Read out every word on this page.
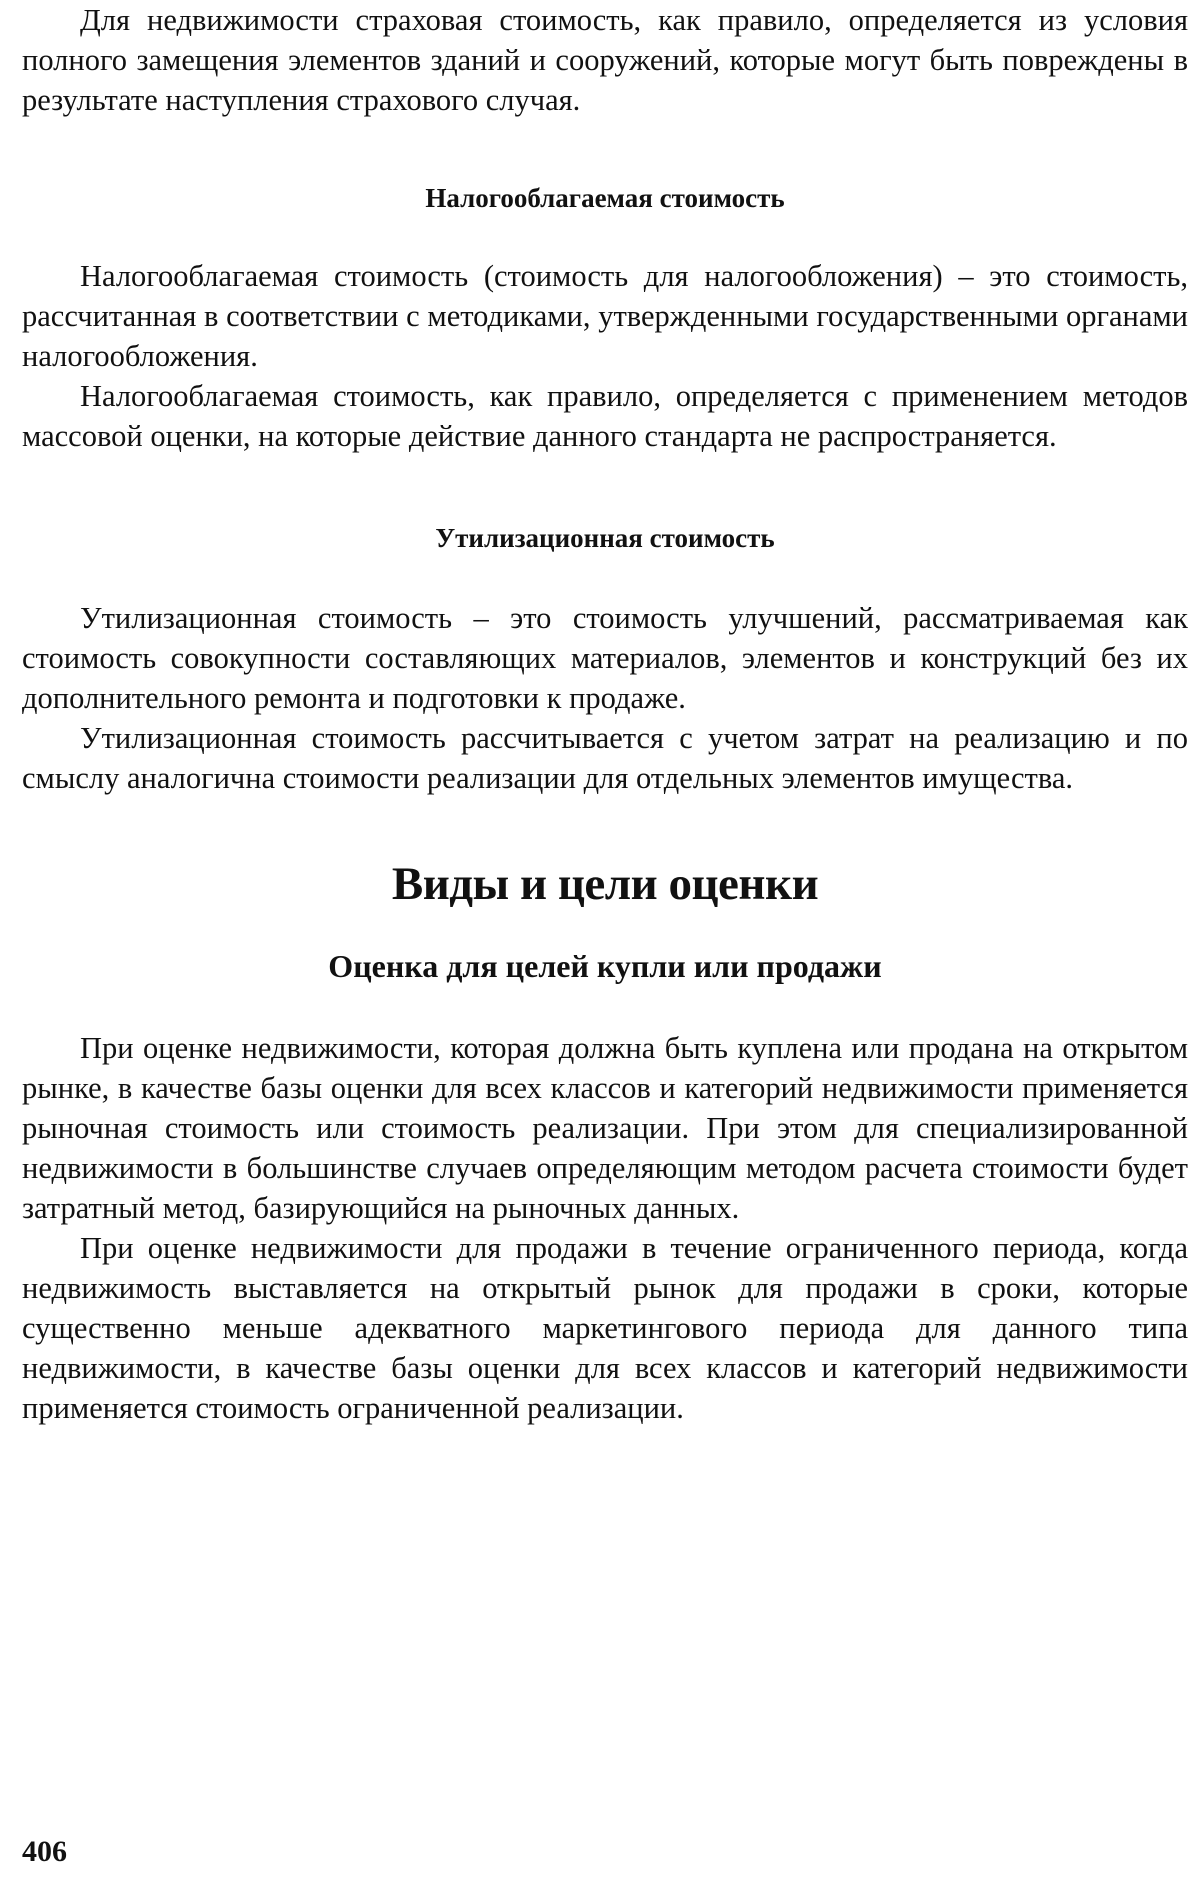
Для недвижимости страховая стоимость, как правило, определяется из условия полного замещения элементов зданий и сооружений, которые могут быть повреждены в результате наступления страхового случая.

Налогооблагаемая стоимость

Налогооблагаемая стоимость (стоимость для налогообложения) – это стоимость, рассчитанная в соответствии с методиками, утвержденными государственными органами налогообложения.

Налогооблагаемая стоимость, как правило, определяется с применением методов массовой оценки, на которые действие данного стандарта не распространяется.

Утилизационная стоимость

Утилизационная стоимость – это стоимость улучшений, рассматриваемая как стоимость совокупности составляющих материалов, элементов и конструкций без их дополнительного ремонта и подготовки к продаже.

Утилизационная стоимость рассчитывается с учетом затрат на реализацию и по смыслу аналогична стоимости реализации для отдельных элементов имущества.

Виды и цели оценки
Оценка для целей купли или продажи

При оценке недвижимости, которая должна быть куплена или продана на открытом рынке, в качестве базы оценки для всех классов и категорий недвижимости применяется рыночная стоимость или стоимость реализации. При этом для специализированной недвижимости в большинстве случаев определяющим методом расчета стоимости будет затратный метод, базирующийся на рыночных данных.

При оценке недвижимости для продажи в течение ограниченного периода, когда недвижимость выставляется на открытый рынок для продажи в сроки, которые существенно меньше адекватного маркетингового периода для данного типа недвижимости, в качестве базы оценки для всех классов и категорий недвижимости применяется стоимость ограниченной реализации.

406
